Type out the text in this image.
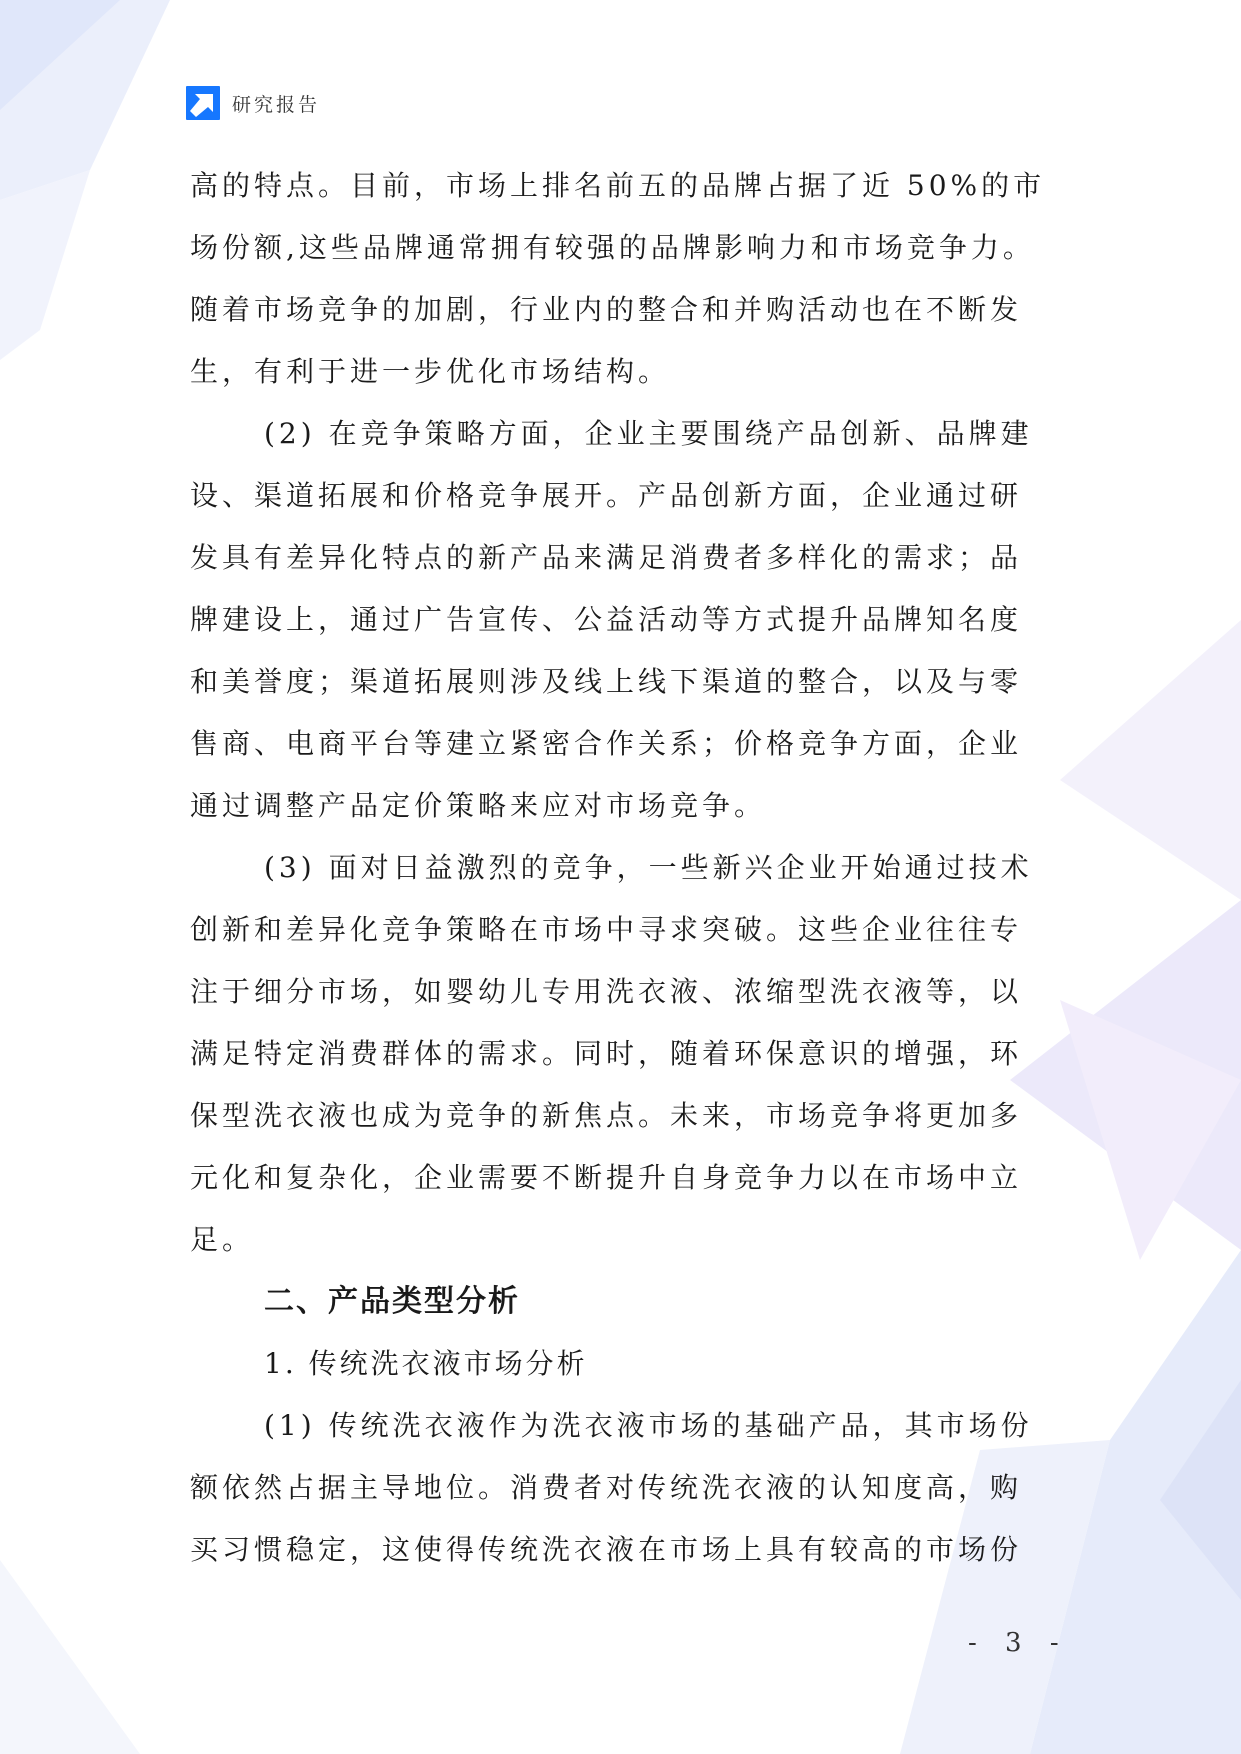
研究报告
高的特点。目前，市场上排名前五的品牌占据了近 50%的市
场份额,这些品牌通常拥有较强的品牌影响力和市场竞争力。
随着市场竞争的加剧，行业内的整合和并购活动也在不断发
生，有利于进一步优化市场结构。
(2) 在竞争策略方面，企业主要围绕产品创新、品牌建
设、渠道拓展和价格竞争展开。产品创新方面，企业通过研
发具有差异化特点的新产品来满足消费者多样化的需求；品
牌建设上，通过广告宣传、公益活动等方式提升品牌知名度
和美誉度；渠道拓展则涉及线上线下渠道的整合，以及与零
售商、电商平台等建立紧密合作关系；价格竞争方面，企业
通过调整产品定价策略来应对市场竞争。
(3) 面对日益激烈的竞争，一些新兴企业开始通过技术
创新和差异化竞争策略在市场中寻求突破。这些企业往往专
注于细分市场，如婴幼儿专用洗衣液、浓缩型洗衣液等，以
满足特定消费群体的需求。同时，随着环保意识的增强，环
保型洗衣液也成为竞争的新焦点。未来，市场竞争将更加多
元化和复杂化，企业需要不断提升自身竞争力以在市场中立
足。
二、产品类型分析
1. 传统洗衣液市场分析
(1) 传统洗衣液作为洗衣液市场的基础产品，其市场份
额依然占据主导地位。消费者对传统洗衣液的认知度高，购
买习惯稳定，这使得传统洗衣液在市场上具有较高的市场份
- 3 -
